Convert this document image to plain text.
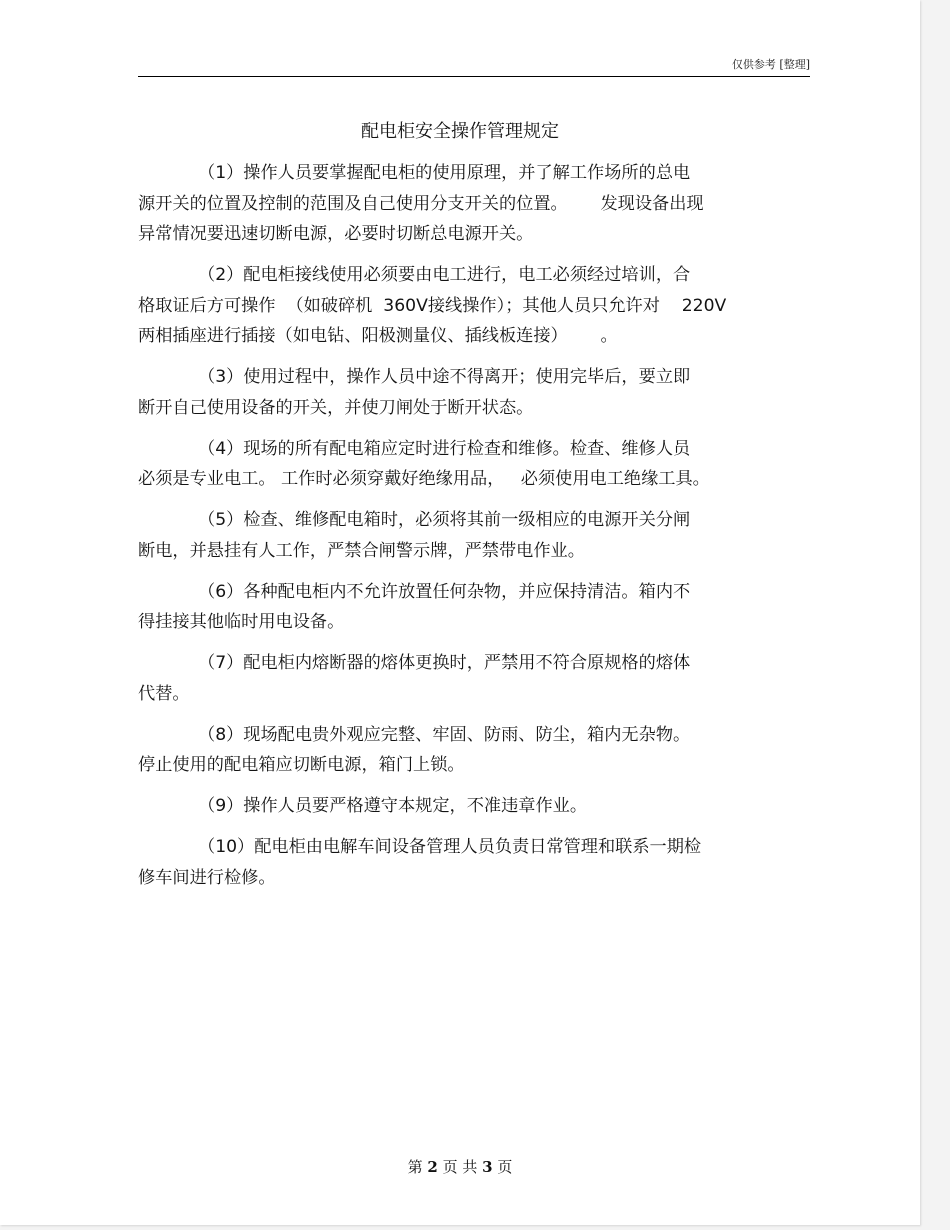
仅供参考 [整理]
配电柜安全操作管理规定
（1）操作人员要掌握配电柜的使用原理，并了解工作场所的总电
源开关的位置及控制的范围及自己使用分支开关的位置。      发现设备出现
异常情况要迅速切断电源，必要时切断总电源开关。
（2）配电柜接线使用必须要由电工进行，电工必须经过培训，合
格取证后方可操作  （如破碎机  360V接线操作）；其他人员只允许对    220V
两相插座进行插接（如电钻、阳极测量仪、插线板连接）      。
（3）使用过程中，操作人员中途不得离开；使用完毕后，要立即
断开自己使用设备的开关，并使刀闸处于断开状态。
（4）现场的所有配电箱应定时进行检查和维修。检查、维修人员
必须是专业电工。 工作时必须穿戴好绝缘用品，   必须使用电工绝缘工具。
（5）检查、维修配电箱时，必须将其前一级相应的电源开关分闸
断电，并悬挂有人工作，严禁合闸警示牌，严禁带电作业。
（6）各种配电柜内不允许放置任何杂物，并应保持清洁。箱内不
得挂接其他临时用电设备。
（7）配电柜内熔断器的熔体更换时，严禁用不符合原规格的熔体
代替。
（8）现场配电贵外观应完整、牢固、防雨、防尘，箱内无杂物。
停止使用的配电箱应切断电源，箱门上锁。
（9）操作人员要严格遵守本规定，不准违章作业。
（10）配电柜由电解车间设备管理人员负责日常管理和联系一期检
修车间进行检修。
第 2 页 共 3 页
